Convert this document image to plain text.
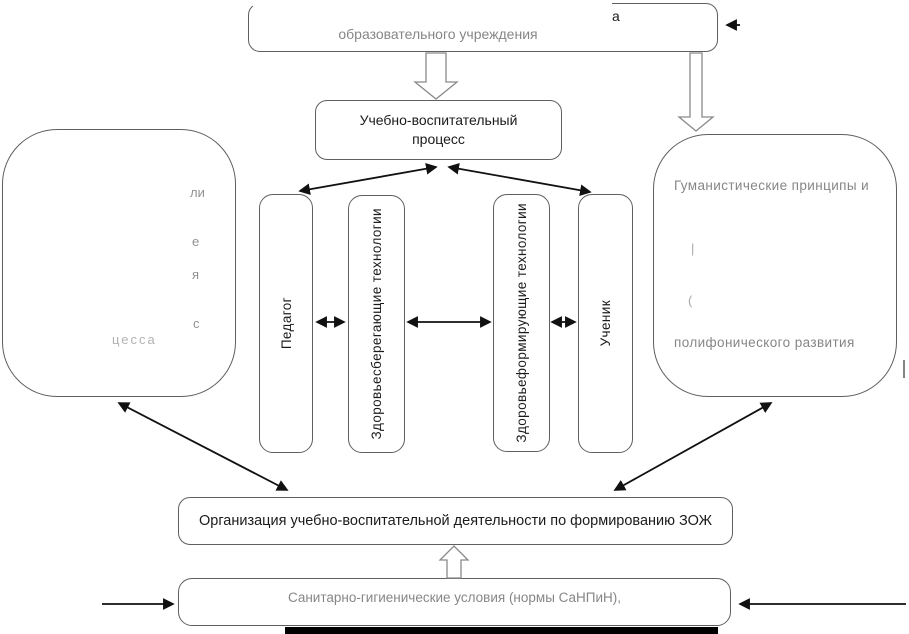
а
образовательного учреждения
Учебно-воспитательный процесс
ли
е
я
с
цесса
Гуманистические принципы и
|
(
полифонического развития
Педагог	Здоровьесберегающие технологии	Здоровьеформирующие технологии	Ученик
Организация учебно-воспитательной деятельности по формированию ЗОЖ
Санитарно-гигиенические условия (нормы СаНПиН),
